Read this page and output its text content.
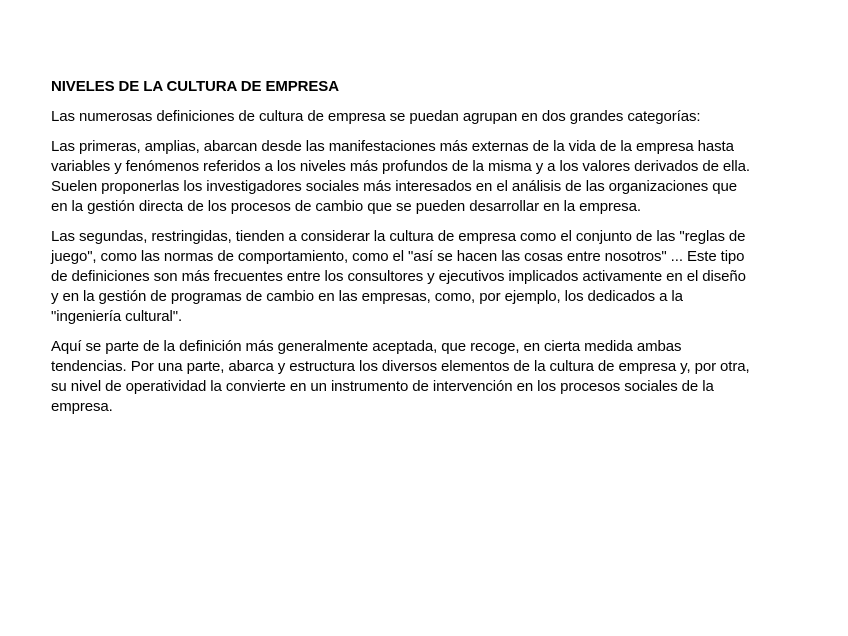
NIVELES DE LA CULTURA DE EMPRESA

Las numerosas definiciones de cultura de empresa se puedan agrupan en dos grandes categorías:

Las primeras, amplias, abarcan desde las manifestaciones más externas de la vida de la empresa hasta variables y fenómenos referidos a los niveles más profundos de la misma y a los valores derivados de ella. Suelen proponerlas los investigadores sociales más interesados en el análisis de las organizaciones que en la gestión directa de los procesos de cambio que se pueden desarrollar en la empresa.

Las segundas, restringidas, tienden a considerar la cultura de empresa como el conjunto de las "reglas de juego", como las normas de comportamiento, como el "así se hacen las cosas entre nosotros" ... Este tipo de definiciones son más frecuentes entre los consultores y ejecutivos implicados activamente en el diseño y en la gestión de programas de cambio en las empresas, como, por ejemplo, los dedicados a la "ingeniería cultural".

Aquí se parte de la definición más generalmente aceptada, que recoge, en cierta medida ambas tendencias. Por una parte, abarca y estructura los diversos elementos de la cultura de empresa y, por otra, su nivel de operatividad la convierte en un instrumento de intervención en los procesos sociales de la empresa.
